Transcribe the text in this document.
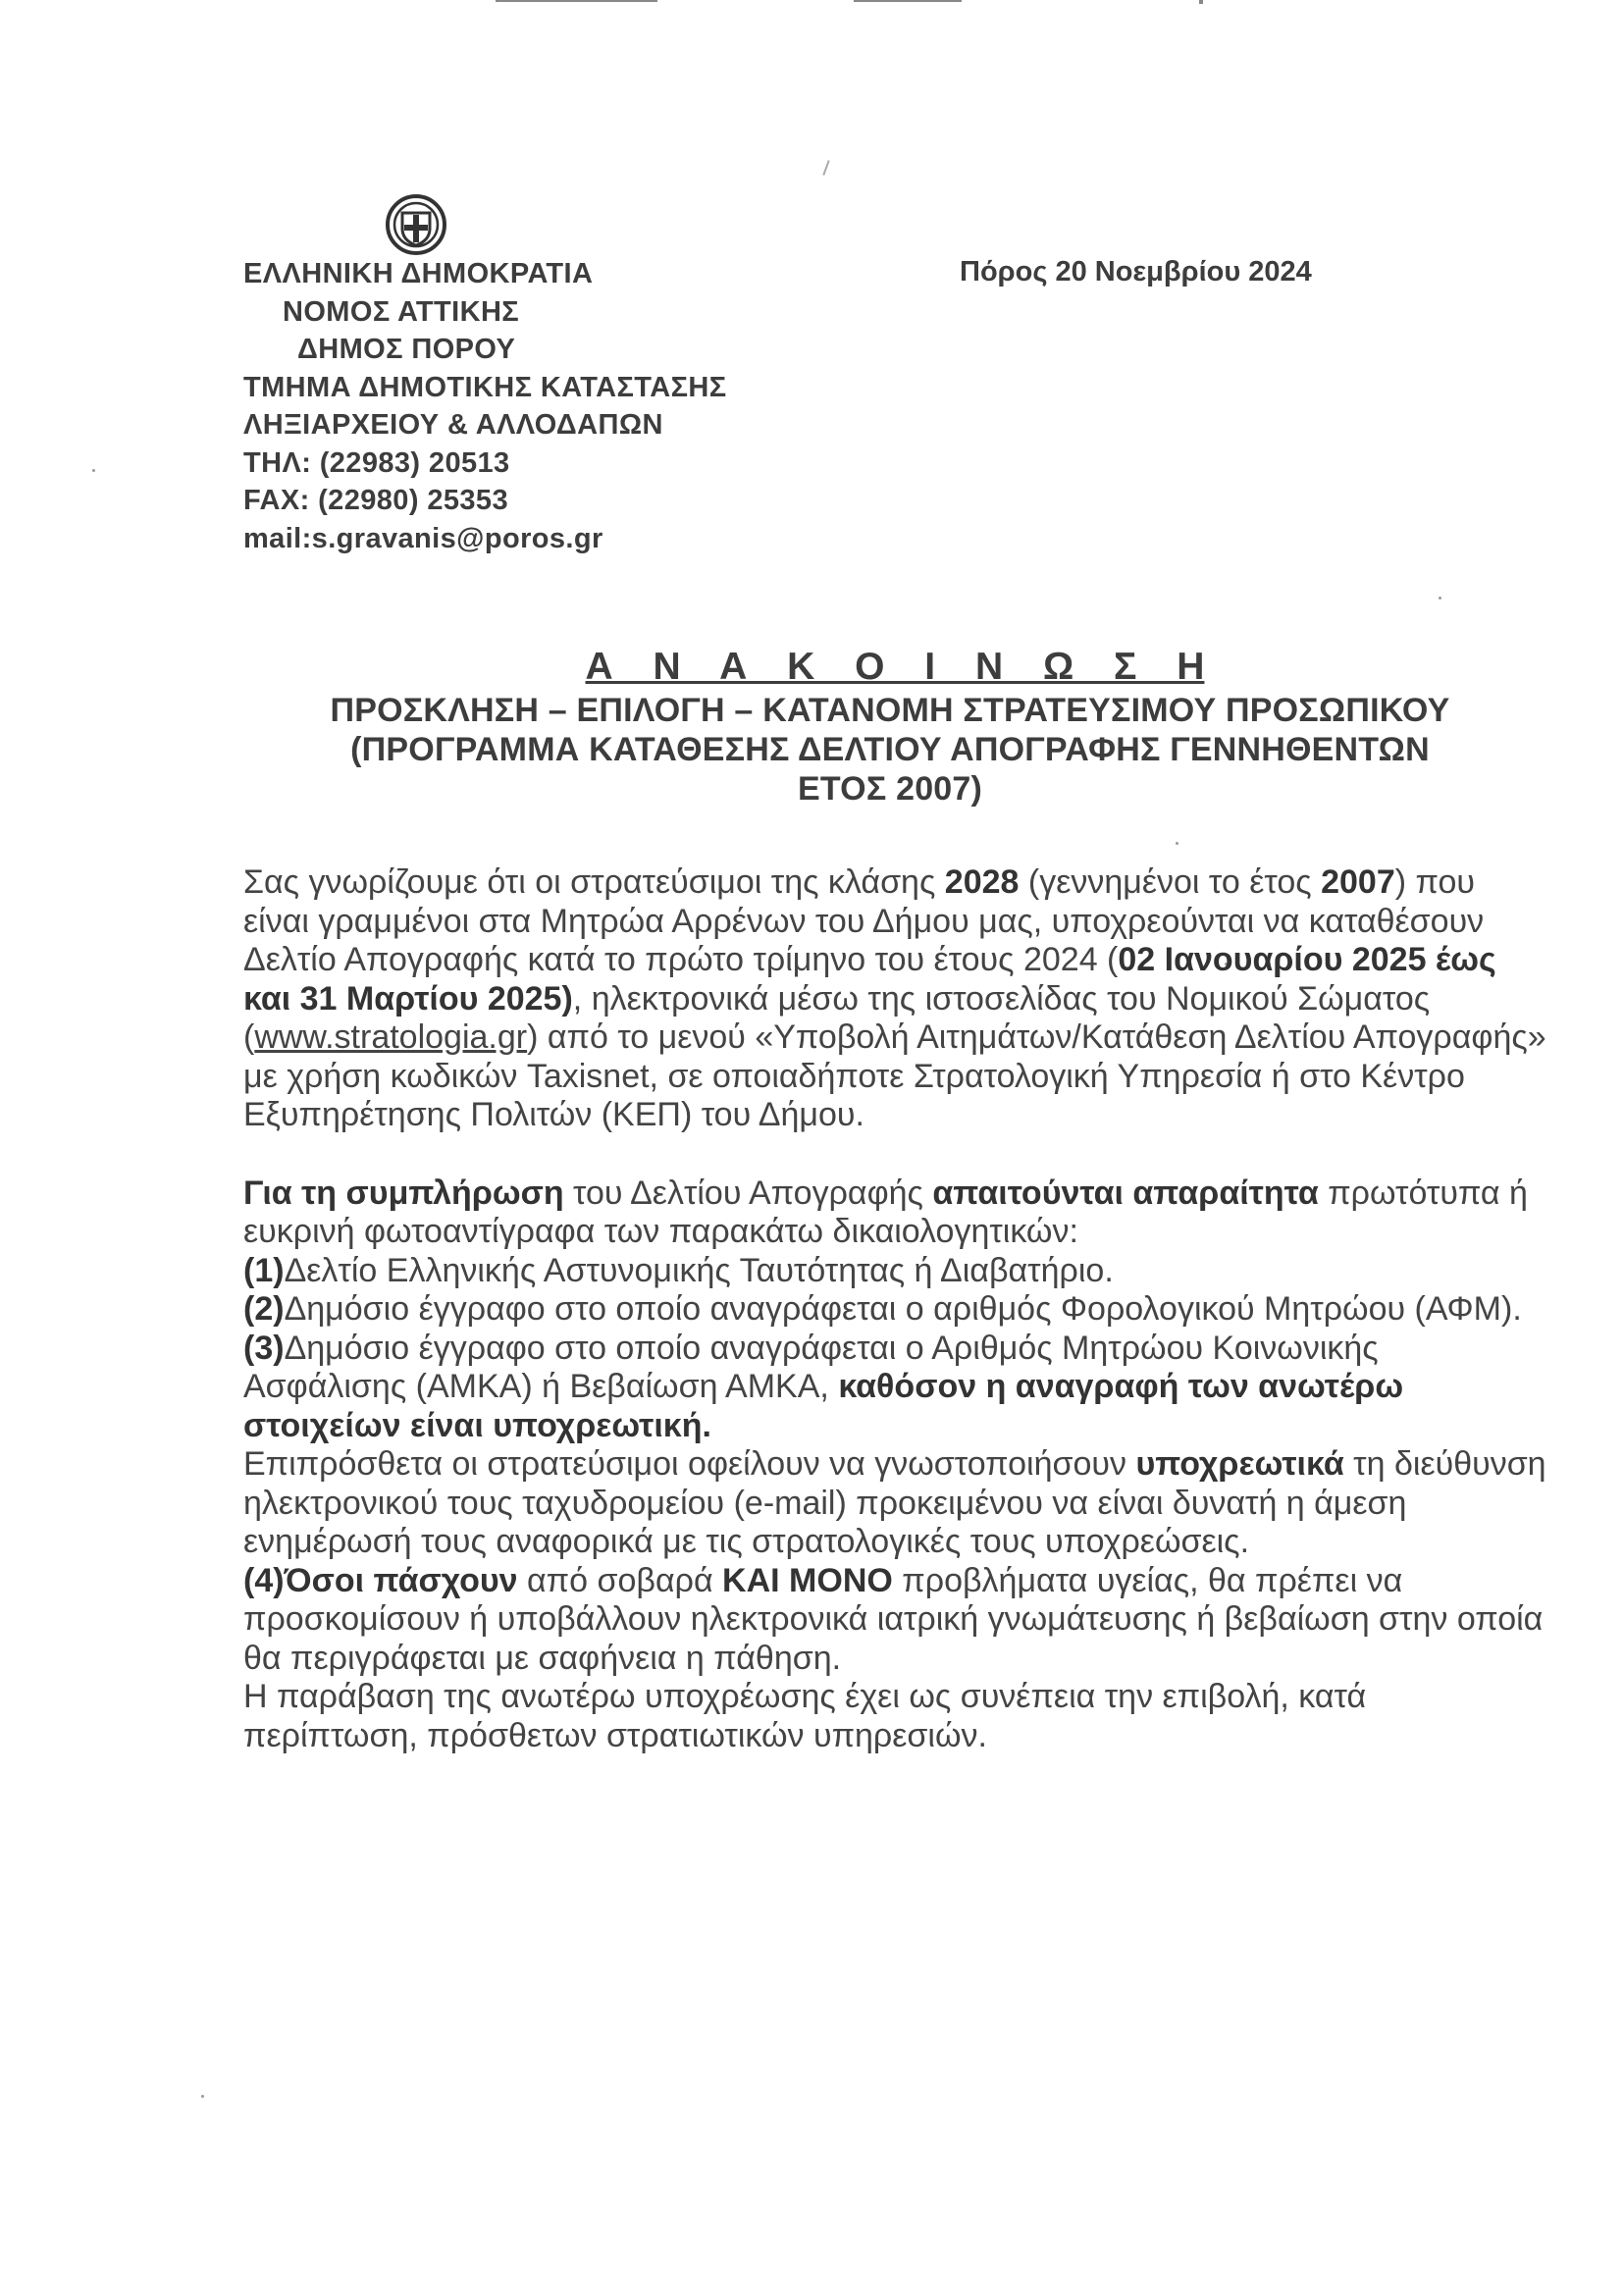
ΕΛΛΗΝΙΚΗ ΔΗΜΟΚΡΑΤΙΑ
ΝΟΜΟΣ ΑΤΤΙΚΗΣ
ΔΗΜΟΣ ΠΟΡΟΥ
ΤΜΗΜΑ ΔΗΜΟΤΙΚΗΣ ΚΑΤΑΣΤΑΣΗΣ
ΛΗΞΙΑΡΧΕΙΟΥ & ΑΛΛΟΔΑΠΩΝ
ΤΗΛ: (22983) 20513
FAX: (22980) 25353
mail:s.gravanis@poros.gr
Πόρος 20 Νοεμβρίου 2024
Α Ν Α Κ Ο Ι Ν Ω Σ Η
ΠΡΟΣΚΛΗΣΗ – ΕΠΙΛΟΓΗ – ΚΑΤΑΝΟΜΗ ΣΤΡΑΤΕΥΣΙΜΟΥ ΠΡΟΣΩΠΙΚΟΥ
(ΠΡΟΓΡΑΜΜΑ ΚΑΤΑΘΕΣΗΣ ΔΕΛΤΙΟΥ ΑΠΟΓΡΑΦΗΣ ΓΕΝΝΗΘΕΝΤΩΝ
ΕΤΟΣ 2007)

Σας γνωρίζουμε ότι οι στρατεύσιμοι της κλάσης 2028 (γεννημένοι το έτος 2007) που είναι γραμμένοι στα Μητρώα Αρρένων του Δήμου μας, υποχρεούνται να καταθέσουν Δελτίο Απογραφής κατά το πρώτο τρίμηνο του έτους 2024 (02 Ιανουαρίου 2025 έως και 31 Μαρτίου 2025), ηλεκτρονικά μέσω της ιστοσελίδας του Νομικού Σώματος (www.stratologia.gr) από το μενού «Υποβολή Αιτημάτων/Κατάθεση Δελτίου Απογραφής» με χρήση κωδικών Taxisnet, σε οποιαδήποτε Στρατολογική Υπηρεσία ή στο Κέντρο Εξυπηρέτησης Πολιτών (ΚΕΠ) του Δήμου.

Για τη συμπλήρωση του Δελτίου Απογραφής απαιτούνται απαραίτητα πρωτότυπα ή ευκρινή φωτοαντίγραφα των παρακάτω δικαιολογητικών:

(1)Δελτίο Ελληνικής Αστυνομικής Ταυτότητας ή Διαβατήριο.

(2)Δημόσιο έγγραφο στο οποίο αναγράφεται ο αριθμός Φορολογικού Μητρώου (ΑΦΜ).

(3)Δημόσιο έγγραφο στο οποίο αναγράφεται ο Αριθμός Μητρώου Κοινωνικής Ασφάλισης (ΑΜΚΑ) ή Βεβαίωση ΑΜΚΑ, καθόσον η αναγραφή των ανωτέρω στοιχείων είναι υποχρεωτική.

Επιπρόσθετα οι στρατεύσιμοι οφείλουν να γνωστοποιήσουν υποχρεωτικά τη διεύθυνση ηλεκτρονικού τους ταχυδρομείου (e-mail) προκειμένου να είναι δυνατή η άμεση ενημέρωσή τους αναφορικά με τις στρατολογικές τους υποχρεώσεις.

(4)Όσοι πάσχουν από σοβαρά ΚΑΙ ΜΟΝΟ προβλήματα υγείας, θα πρέπει να προσκομίσουν ή υποβάλλουν ηλεκτρονικά ιατρική γνωμάτευσης ή βεβαίωση στην οποία θα περιγράφεται με σαφήνεια η πάθηση.

Η παράβαση της ανωτέρω υποχρέωσης έχει ως συνέπεια την επιβολή, κατά περίπτωση, πρόσθετων στρατιωτικών υπηρεσιών.
